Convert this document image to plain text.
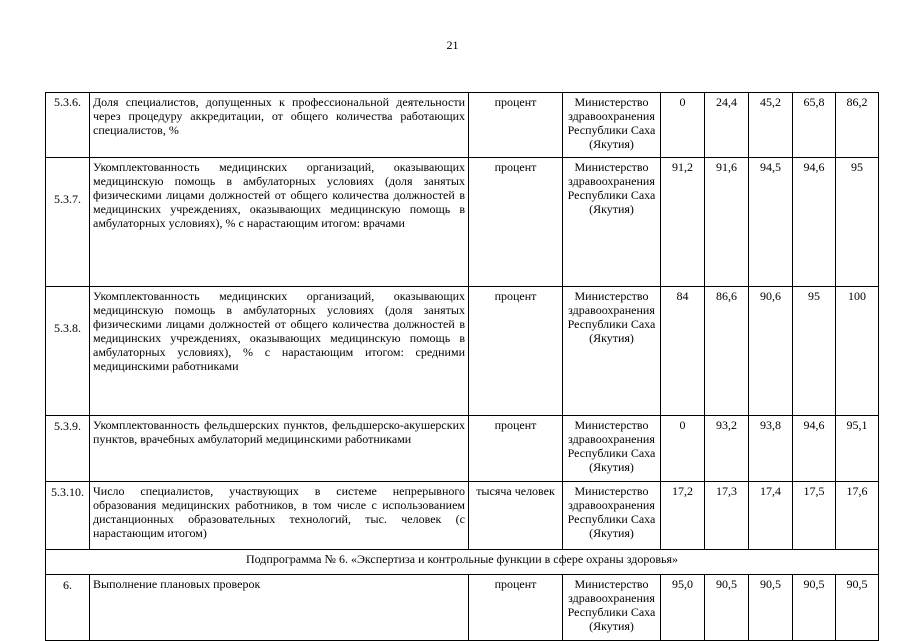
21
5.3.6.	Доля специалистов, допущенных к профессиональной деятельности через процедуру аккредитации, от общего количества работающих специалистов, %	процент	Министерство здравоохранения Республики Саха (Якутия)	0	24,4	45,2	65,8	86,2
5.3.7.	Укомплектованность медицинских организаций, оказывающих медицинскую помощь в амбулаторных условиях (доля занятых физическими лицами должностей от общего количества должностей в медицинских учреждениях, оказывающих медицинскую помощь в амбулаторных условиях), % с нарастающим итогом: врачами	процент	Министерство здравоохранения Республики Саха (Якутия)	91,2	91,6	94,5	94,6	95
5.3.8.	Укомплектованность медицинских организаций, оказывающих медицинскую помощь в амбулаторных условиях (доля занятых физическими лицами должностей от общего количества должностей в медицинских учреждениях, оказывающих медицинскую помощь в амбулаторных условиях), % с нарастающим итогом: средними медицинскими работниками	процент	Министерство здравоохранения Республики Саха (Якутия)	84	86,6	90,6	95	100
5.3.9.	Укомплектованность фельдшерских пунктов, фельдшерско-акушерских пунктов, врачебных амбулаторий медицинскими работниками	процент	Министерство здравоохранения Республики Саха (Якутия)	0	93,2	93,8	94,6	95,1
5.3.10.	Число специалистов, участвующих в системе непрерывного образования медицинских работников, в том числе с использованием дистанционных образовательных технологий, тыс. человек (с нарастающим итогом)	тысяча человек	Министерство здравоохранения Республики Саха (Якутия)	17,2	17,3	17,4	17,5	17,6
Подпрограмма № 6. «Экспертиза и контрольные функции в сфере охраны здоровья»								
6.	Выполнение плановых проверок	процент	Министерство здравоохранения Республики Саха (Якутия)	95,0	90,5	90,5	90,5	90,5
